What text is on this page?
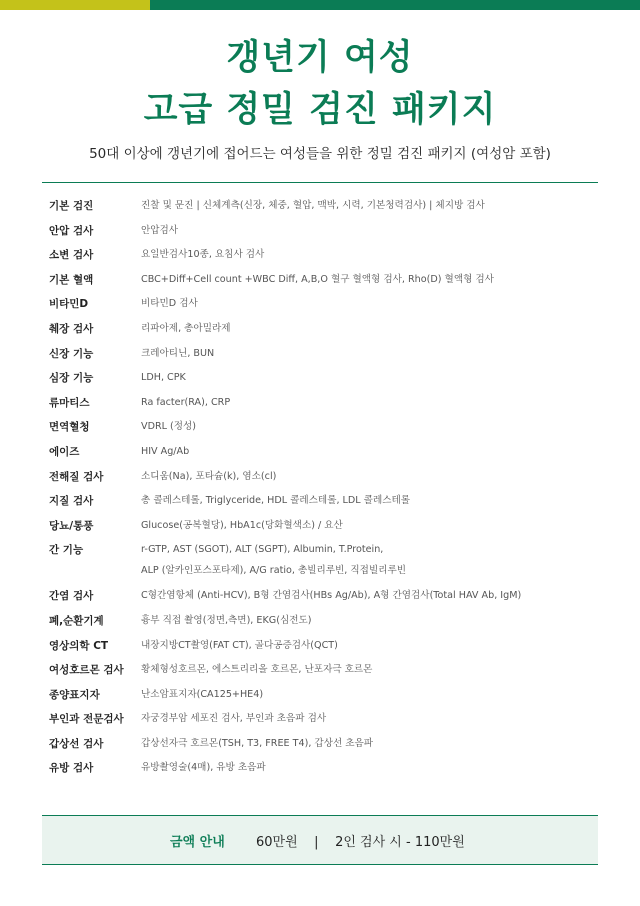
갱년기 여성
고급 정밀 검진 패키지
50대 이상에 갱년기에 접어드는 여성들을 위한 정밀 검진 패키지 (여성암 포함)
기본 검진	진찰 및 문진 | 신체계측(신장, 체중, 혈압, 맥박, 시력, 기본청력검사) | 체지방 검사
안압 검사	안압검사
소변 검사	요일반검사10종, 요침사 검사
기본 혈액	CBC+Diff+Cell count +WBC Diff, A,B,O 혈구 혈액형 검사, Rho(D) 혈액형 검사
비타민D	비타민D 검사
췌장 검사	리파아제, 총아밀라제
신장 기능	크레아티닌, BUN
심장 기능	LDH, CPK
류마티스	Ra facter(RA), CRP
면역혈청	VDRL (정성)
에이즈	HIV Ag/Ab
전해질 검사	소디움(Na), 포타슘(k), 염소(cl)
지질 검사	총 콜레스테롤, Triglyceride, HDL 콜레스테롤, LDL 콜레스테롤
당뇨/통풍	Glucose(공복혈당), HbA1c(당화혈색소) / 요산
간 기능	r-GTP, AST (SGOT), ALT (SGPT), Albumin, T.Protein,
ALP (알카인포스포타제), A/G ratio, 총빌리루빈, 직접빌리루빈
간염 검사	C형간염항체 (Anti-HCV), B형 간염검사(HBs Ag/Ab), A형 간염검사(Total HAV Ab, IgM)
폐,순환기계	흉부 직접 촬영(정면,측면), EKG(심전도)
영상의학 CT	내장지방CT촬영(FAT CT), 골다공증검사(QCT)
여성호르몬 검사	황체형성호르몬, 에스트리리올 호르몬, 난포자극 호르몬
종양표지자	난소암표지자(CA125+HE4)
부인과 전문검사	자궁경부암 세포진 검사, 부인과 초음파 검사
갑상선 검사	갑상선자극 호르몬(TSH, T3, FREE T4), 갑상선 초음파
유방 검사	유방촬영술(4매), 유방 초음파
금액 안내 60만원    |    2인 검사 시 - 110만원
